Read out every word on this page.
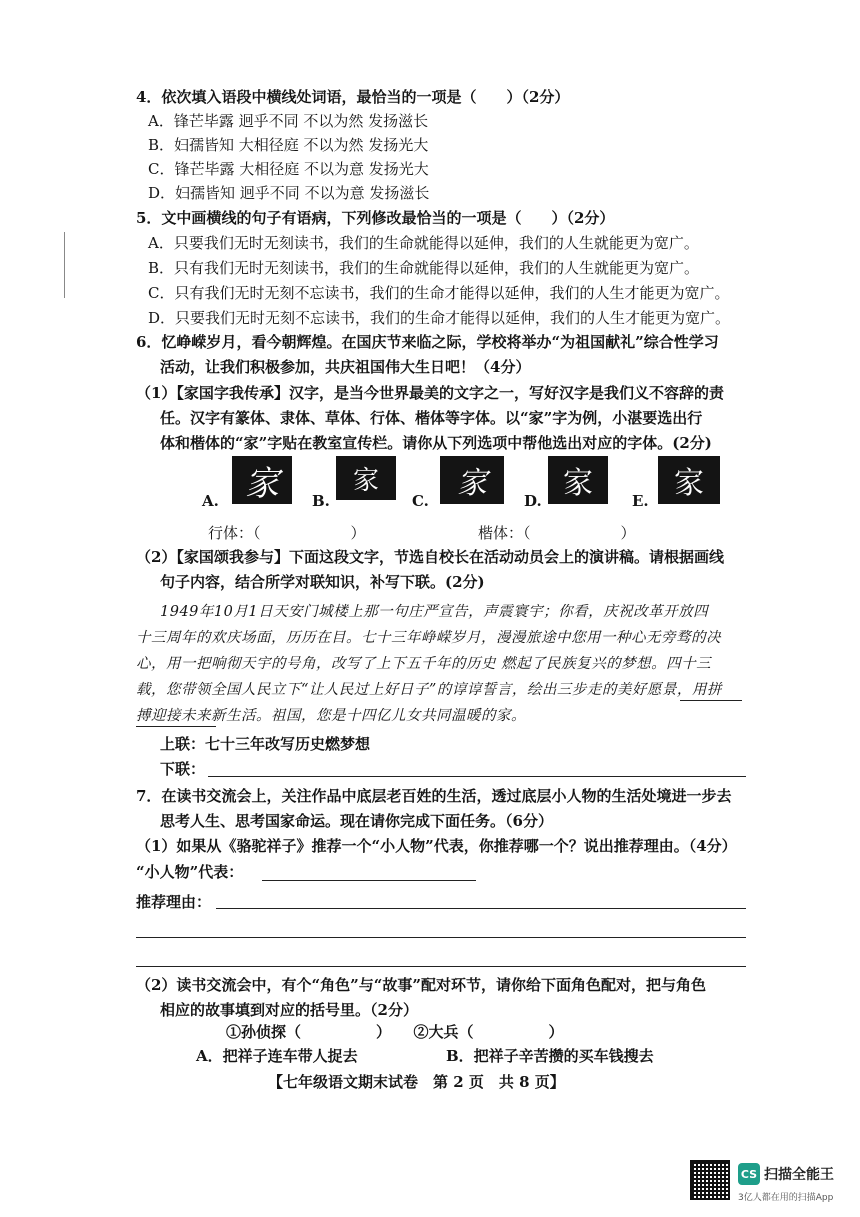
4．依次填入语段中横线处词语，最恰当的一项是（　　）（2分）
A．锋芒毕露 迥乎不同 不以为然 发扬滋长
B．妇孺皆知 大相径庭 不以为然 发扬光大
C．锋芒毕露 大相径庭 不以为意 发扬光大
D．妇孺皆知 迥乎不同 不以为意 发扬滋长
5．文中画横线的句子有语病，下列修改最恰当的一项是（　　）（2分）
A．只要我们无时无刻读书，我们的生命就能得以延伸，我们的人生就能更为宽广。
B．只有我们无时无刻读书，我们的生命就能得以延伸，我们的人生就能更为宽广。
C．只有我们无时无刻不忘读书，我们的生命才能得以延伸，我们的人生才能更为宽广。
D．只要我们无时无刻不忘读书，我们的生命才能得以延伸，我们的人生才能更为宽广。
6．忆峥嵘岁月，看今朝辉煌。在国庆节来临之际，学校将举办“为祖国献礼”综合性学习
活动，让我们积极参加，共庆祖国伟大生日吧！（4分）
（1）【家国字我传承】汉字，是当今世界最美的文字之一，写好汉字是我们义不容辞的责
任。汉字有篆体、隶体、草体、行体、楷体等字体。以“家”字为例，小湛要选出行
体和楷体的“家”字贴在教室宣传栏。请你从下列选项中帮他选出对应的字体。(2分)
A. 家 B.
家
C. 家 D. 家	E. 家
行体：（　　　　　　）	楷体：（　　　　　　）
（2）【家国颂我参与】下面这段文字，节选自校长在活动动员会上的演讲稿。请根据画线
句子内容，结合所学对联知识，补写下联。(2分)
1949年10月1日天安门城楼上那一句庄严宣告，声震寰宇；你看，庆祝改革开放四
十三周年的欢庆场面，历历在目。七十三年峥嵘岁月，漫漫旅途中您用一种心无旁骛的决
心，用一把响彻天宇的号角，改写了上下五千年的历史 燃起了民族复兴的梦想。四十三
载，您带领全国人民立下“让人民过上好日子”的谆谆誓言，绘出三步走的美好愿景，用拼
搏迎接未来新生活。祖国，您是十四亿儿女共同温暖的家。
上联：七十三年改写历史燃梦想
下联：
7．在读书交流会上，关注作品中底层老百姓的生活，透过底层小人物的生活处境进一步去
思考人生、思考国家命运。现在请你完成下面任务。（6分）
（1）如果从《骆驼祥子》推荐一个“小人物”代表，你推荐哪一个？说出推荐理由。（4分）
“小人物”代表：
推荐理由：
（2）读书交流会中，有个“角色”与“故事”配对环节，请你给下面角色配对，把与角色
相应的故事填到对应的括号里。（2分）
①孙侦探（　　　　　）　　②大兵（　　　　　）
A．把祥子连车带人捉去	B．把祥子辛苦攒的买车钱搜去
【七年级语文期末试卷　第 2 页　共 8 页】
CS 扫描全能王
3亿人都在用的扫描App
